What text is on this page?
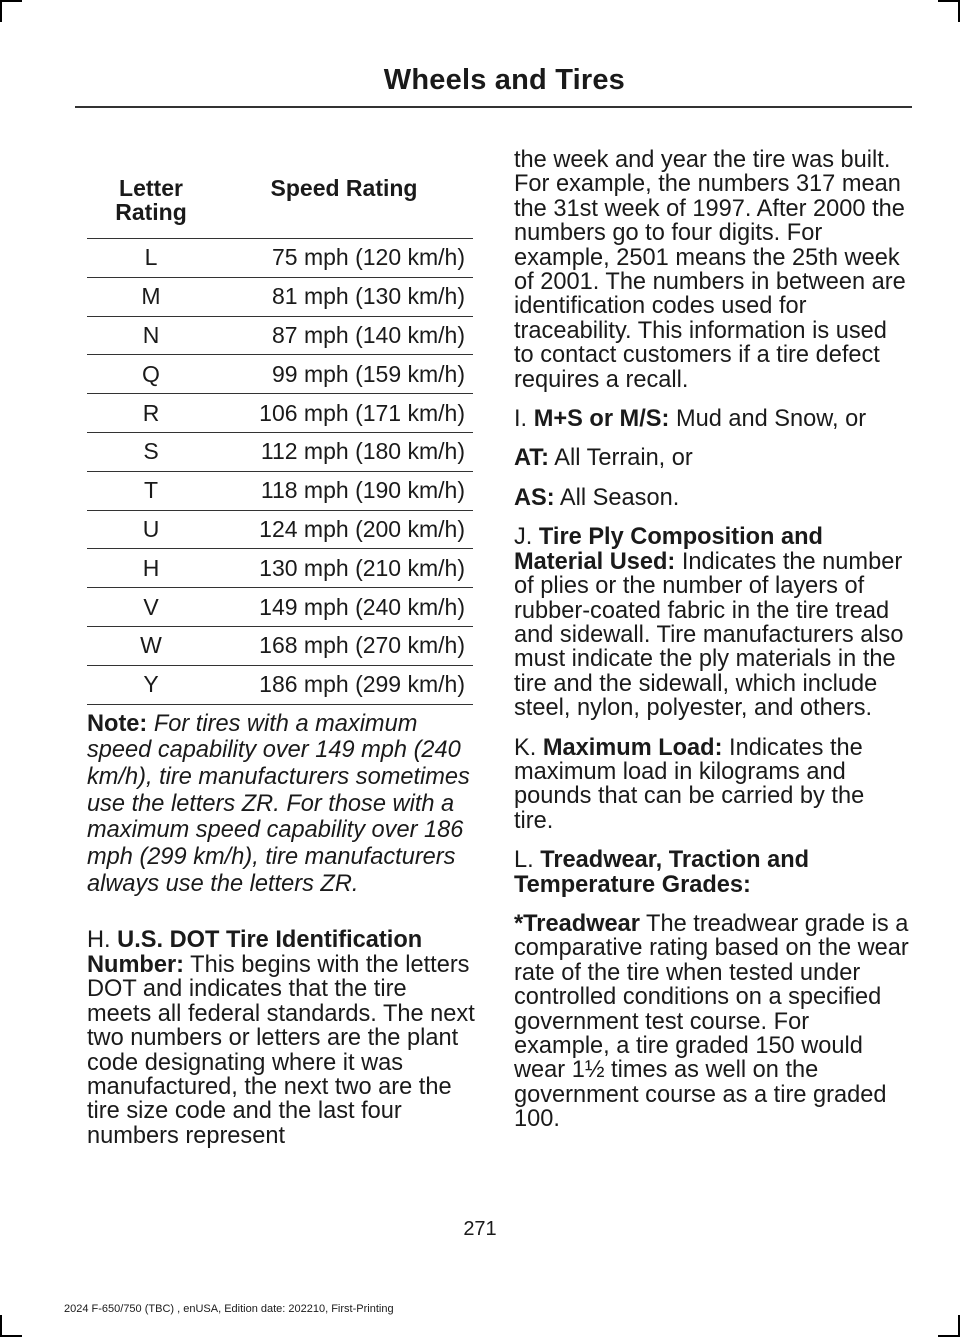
Wheels and Tires
Letter Rating	Speed Rating
L	75 mph (120 km/h)
M	81 mph (130 km/h)
N	87 mph (140 km/h)
Q	99 mph (159 km/h)
R	106 mph (171 km/h)
S	112 mph (180 km/h)
T	118 mph (190 km/h)
U	124 mph (200 km/h)
H	130 mph (210 km/h)
V	149 mph (240 km/h)
W	168 mph (270 km/h)
Y	186 mph (299 km/h)
Note: For tires with a maximum speed capability over 149 mph (240 km/h), tire manufacturers sometimes use the letters ZR. For those with a maximum speed capability over 186 mph (299 km/h), tire manufacturers always use the letters ZR.
H. U.S. DOT Tire Identification Number: This begins with the letters DOT and indicates that the tire meets all federal standards. The next two numbers or letters are the plant code designating where it was manufactured, the next two are the tire size code and the last four numbers represent

the week and year the tire was built. For example, the numbers 317 mean the 31st week of 1997. After 2000 the numbers go to four digits. For example, 2501 means the 25th week of 2001. The numbers in between are identification codes used for traceability. This information is used to contact customers if a tire defect requires a recall.

I. M+S or M/S: Mud and Snow, or

AT: All Terrain, or

AS: All Season.

J. Tire Ply Composition and Material Used: Indicates the number of plies or the number of layers of rubber-coated fabric in the tire tread and sidewall. Tire manufacturers also must indicate the ply materials in the tire and the sidewall, which include steel, nylon, polyester, and others.

K. Maximum Load: Indicates the maximum load in kilograms and pounds that can be carried by the tire.

L. Treadwear, Traction and Temperature Grades:

*Treadwear The treadwear grade is a comparative rating based on the wear rate of the tire when tested under controlled conditions on a specified government test course. For example, a tire graded 150 would wear 1½ times as well on the government course as a tire graded 100.

271
2024 F-650/750 (TBC) , enUSA, Edition date: 202210, First-Printing
